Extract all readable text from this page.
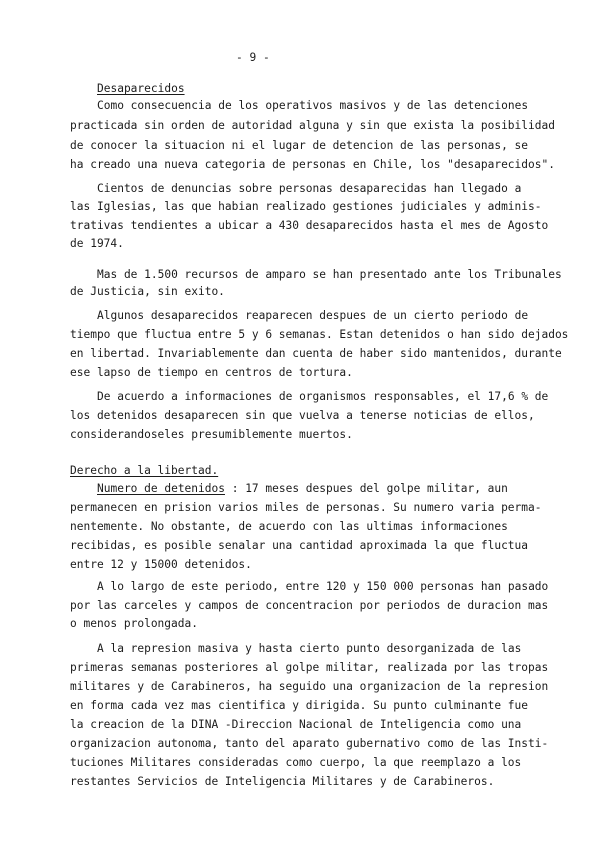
- 9 -
Desaparecidos
Como consecuencia de los operativos masivos y de las detenciones
practicada sin orden de autoridad alguna y sin que exista la posibilidad
de conocer la situacion ni el lugar de detencion de las personas, se
ha creado una nueva categoria de personas en Chile, los "desaparecidos".
Cientos de denuncias sobre personas desaparecidas han llegado a
las Iglesias, las que habian realizado gestiones judiciales y adminis-
trativas tendientes a ubicar a 430 desaparecidos hasta el mes de Agosto
de 1974.
Mas de 1.500 recursos de amparo se han presentado ante los Tribunales
de Justicia, sin exito.
Algunos desaparecidos reaparecen despues de un cierto periodo de
tiempo que fluctua entre 5 y 6 semanas. Estan detenidos o han sido dejados
en libertad. Invariablemente dan cuenta de haber sido mantenidos, durante
ese lapso de tiempo en centros de tortura.
De acuerdo a informaciones de organismos responsables, el 17,6 % de
los detenidos desaparecen sin que vuelva a tenerse noticias de ellos,
considerandoseles presumiblemente muertos.
Derecho a la libertad.
Numero de detenidos : 17 meses despues del golpe militar, aun
permanecen en prision varios miles de personas. Su numero varia perma-
nentemente. No obstante, de acuerdo con las ultimas informaciones
recibidas, es posible senalar una cantidad aproximada la que fluctua
entre 12 y 15000 detenidos.
A lo largo de este periodo, entre 120 y 150 000 personas han pasado
por las carceles y campos de concentracion por periodos de duracion mas
o menos prolongada.
A la represion masiva y hasta cierto punto desorganizada de las
primeras semanas posteriores al golpe militar, realizada por las tropas
militares y de Carabineros, ha seguido una organizacion de la represion
en forma cada vez mas cientifica y dirigida. Su punto culminante fue
la creacion de la DINA -Direccion Nacional de Inteligencia como una
organizacion autonoma, tanto del aparato gubernativo como de las Insti-
tuciones Militares consideradas como cuerpo, la que reemplazo a los
restantes Servicios de Inteligencia Militares y de Carabineros.
